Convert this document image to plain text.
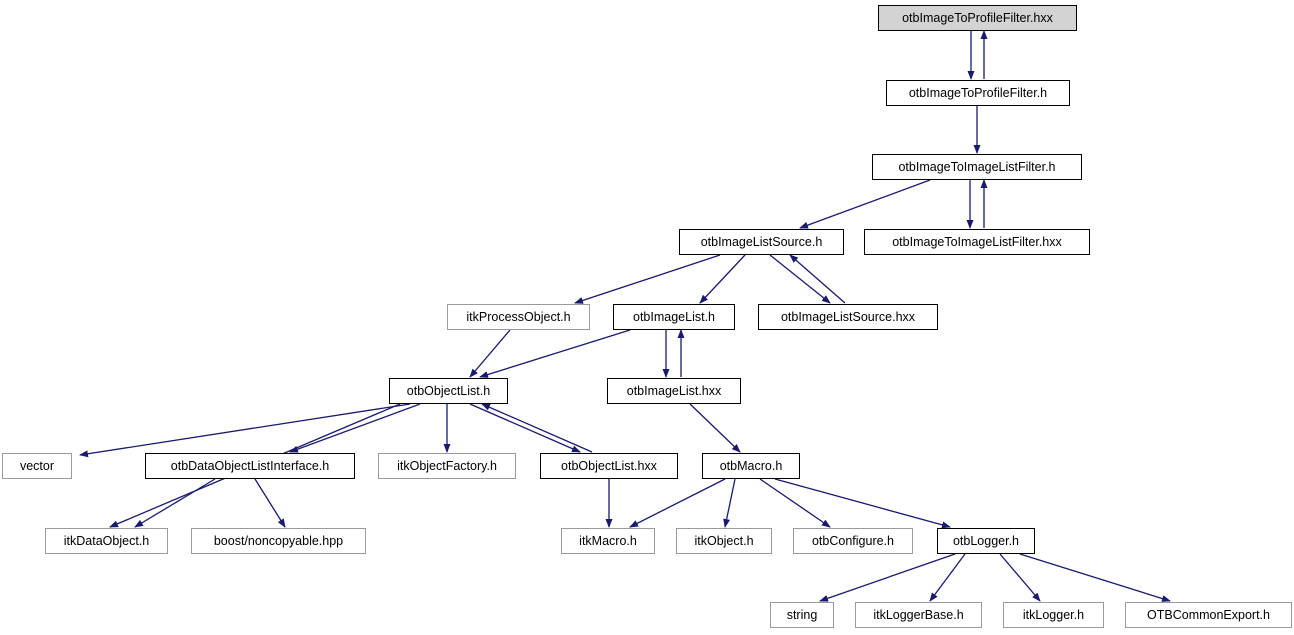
otbImageToProfileFilter.hxx
otbImageToProfileFilter.h
otbImageToImageListFilter.h
otbImageToImageListFilter.hxx
otbImageListSource.h
itkProcessObject.h	otbImageList.h	otbImageListSource.hxx
otbImageList.hxx
otbObjectList.h
vector	otbDataObjectListInterface.h	itkObjectFactory.h	otbObjectList.hxx	otbMacro.h
itkDataObject.h	boost/noncopyable.hpp	itkMacro.h	itkObject.h	otbConfigure.h	otbLogger.h
string	itkLoggerBase.h	itkLogger.h	OTBCommonExport.h
